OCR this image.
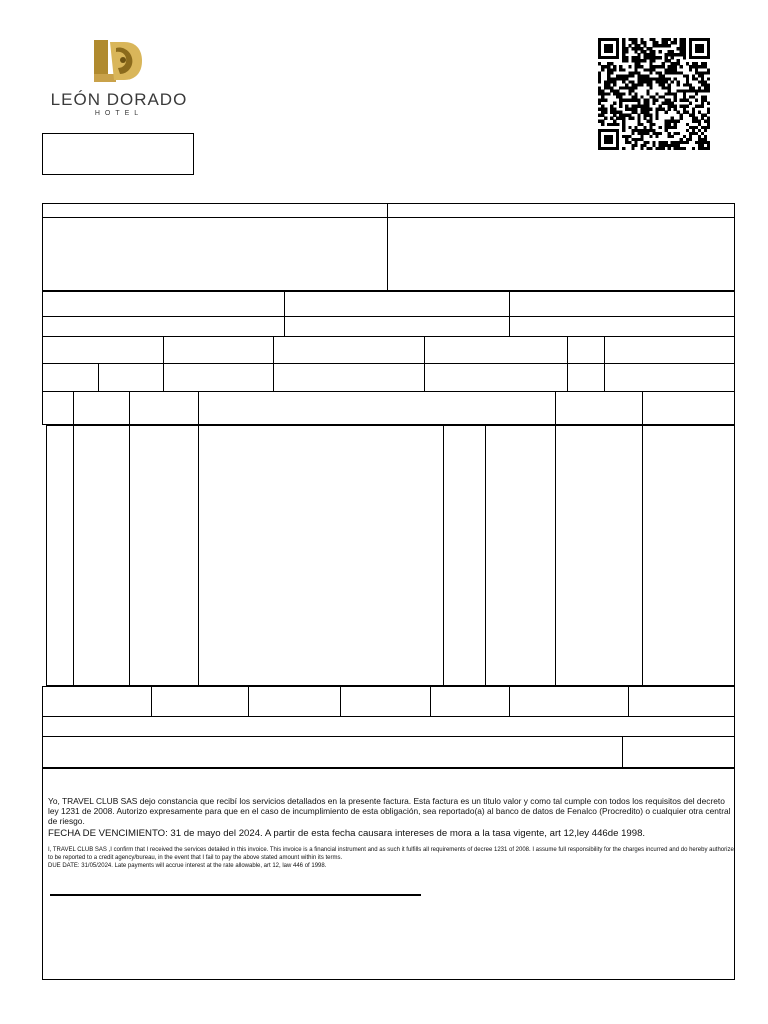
LEÓN DORADO
HOTEL
Yo, TRAVEL CLUB SAS dejo constancia que recibí los servicios detallados en la presente factura. Esta factura es un titulo valor y como tal cumple con todos los requisitos del decreto ley 1231 de 2008. Autorizo expresamente para que en el caso de incumplimiento de esta obligación, sea reportado(a) al banco de datos de Fenalco (Procredito) o cualquier otra central de riesgo.
FECHA DE VENCIMIENTO: 31 de mayo del 2024. A partir de esta fecha causara intereses de mora a la tasa vigente, art 12,ley 446de 1998.
I, TRAVEL CLUB SAS ,I confirm that I received the services detailed in this invoice. This invoice is a financial instrument and as such it fulfills all requirements of decree 1231 of 2008. I assume full responsibility for the charges incurred and do hereby authorize to be reported to a credit agency/bureau, in the event that I fail to pay the above stated amount within its terms.
DUE DATE: 31/05/2024. Late payments will accrue interest at the rate allowable, art 12, law 446 of 1998.
